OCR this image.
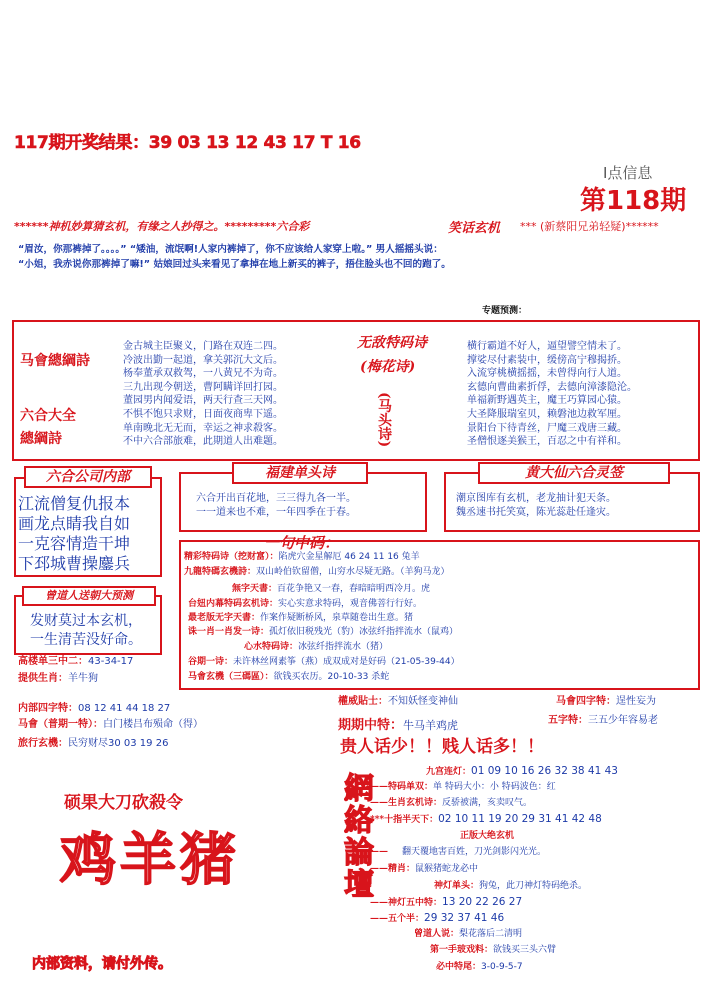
117期开奖结果：39 03 13 12 43 17 T 16
I点信息
第118期
******神机妙算猜玄机，有缘之人抄得之。*********六合彩	笑话玄机 *** (新蔡阳兄弟轻疑)******
“眉汝，你那裤掉了。。。。” “矮油，流氓啊!人家内裤掉了，你不应该给人家穿上啦。” 男人摇摇头说：
“小姐，我赤说你那裤掉了嘛!” 姑娘回过头来看见了拿掉在地上新买的裤子，捂住脸头也不回的跑了。
专题预测：
马會總綱詩
六合大全
總綱詩
金古城主臣聚义，门路在双连二四。
冷波出勤一起道，拿关郭沉大文后。
杨奉董承双救驾，一八黄兄不为奇。
三九出现今朝送，曹阿瞒详回打园。
董园男内闻爱语，两天行查三天网。
不惧不饱只求财，日面夜商卑下遥。
单南晚北无无而，幸运之神求殺客。
不中六合部旅难，此期道人出难题。
无敌特码诗
(梅花诗)
(马头诗)
横行霸道不好人，逼望譬空情未了。
撑娑尽付素装中，缓傍高宁穆揭挢。
入流穿桃横摇摇，未曾得向行人道。
玄德向曹曲素折俘，去德向漳漆隐沦。
单福新野遇英主，魔王巧算园心猿。
大圣降服瑞室贝，赖磐池边救军厘。
景阳台下待青丝，尸魔三戏唐三藏。
圣僧恨逐美猴王，百忍之中有祥和。
六合公司内部
江流僧复仇报本
画龙点睛我自如
一克容情造干坤
下邳城曹操鏖兵
福建单头诗
六合开出百花地，三三得九各一半。
一一道来也不难，一年四季在于春。
黄大仙六合灵签
潮京图库有玄机，老龙抽计犯天条。
魏丞速书托笑寞，陈光蕊赴任逢灾。
曾道人送朝大预测
发财莫过本玄机，
一生清苦没好命。
高楼单三中二：43-34-17
提供生肖：羊牛狗
一句中码：
精彩特码诗（挖财富）：陷虎穴金星解厄 46 24 11 16 兔羊
九龍特碼玄機詩：双山岭伯钦留僧，山穷水尽疑无路。（羊狗马龙）
無字天書：百花争艳又一春，春暗暗明西冷月。虎
台妞内幕特码玄机诗：实心实意求特码，观音佛菩行行好。
最老版无字天書：作案作疑断桥风，泉草随卷出生意。猪
诛一肖一肖发一诗：孤灯依旧税残光（豹）冰弦纤指拌流水（鼠鸡）
心水特码诗：冰弦纤指拌流水（猪）
谷期一诗：未许林丝网素筝（燕）成双成对是好码（21-05-39-44）
马會玄機（三碼區）：欲钱买农历。20-10-33 杀蛇
内部四字特：08 12 41 44 18 27
马會（普期一特）：白门楼吕布殒命（得）
旅行玄機：民穷财尽30 03 19 26
權威貼士：不知妖怪变神仙	马會四字特：逞性妄为
期期中特：牛马羊鸡虎	五字特：三五少年容易老
贵人话少！！贱人话多！！
硕果大刀砍殺令
鸡羊猪
内部资料，请付外传。
網絡論壇	九宫连灯：01 09 10 16 26 32 38 41 43
——特码单双：单 特码大小：小 特码波色：红
——生肖玄机诗：反骄被满，亥卖叹气。
***十指半天下：02 10 11 19 20 29 31 41 42 48
正版大绝玄机
—— 翻天覆地害百姓，刀光剑影闪光光。
——精肖：鼠猴猪蛇龙必中
神灯单头：狗兔，此刀神灯特码绝杀。
——神灯五中特：13 20 22 26 27
——五个半：29 32 37 41 46
曾道人说：梨花落后二清明
第一手玻戏料：欲钱买三头六臂
必中特尾：3-0-9-5-7
